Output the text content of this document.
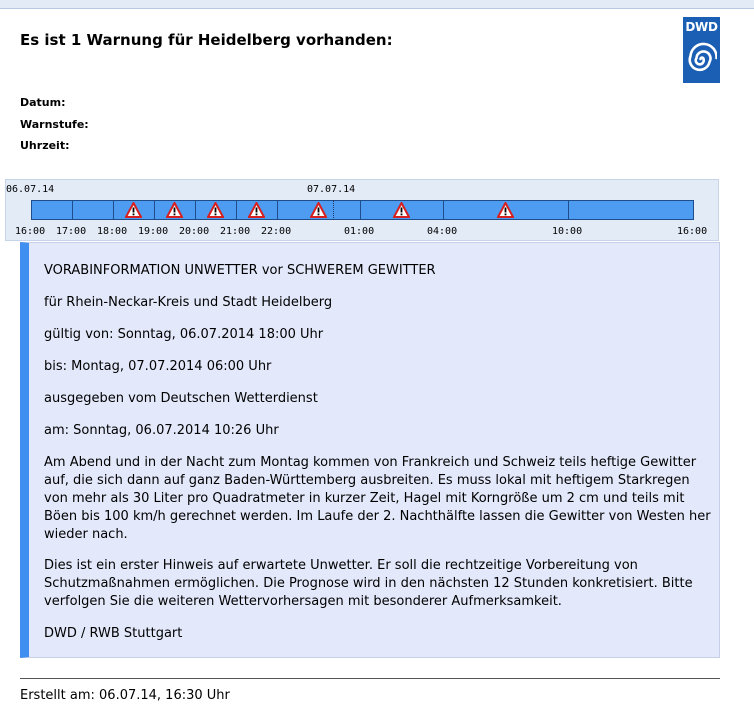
Es ist 1 Warnung für Heidelberg vorhanden:
DWD
Datum:
Warnstufe:
Uhrzeit:
06.07.14	07.07.14
16:00 17:00 18:00 19:00 20:00 21:00 22:00	01:00	04:00	10:00	16:00
VORABINFORMATION UNWETTER vor SCHWEREM GEWITTER
für Rhein-Neckar-Kreis und Stadt Heidelberg
gültig von: Sonntag, 06.07.2014 18:00 Uhr
bis: Montag, 07.07.2014 06:00 Uhr
ausgegeben vom Deutschen Wetterdienst
am: Sonntag, 06.07.2014 10:26 Uhr
Am Abend und in der Nacht zum Montag kommen von Frankreich und Schweiz teils heftige Gewitter auf, die sich dann auf ganz Baden-Württemberg ausbreiten. Es muss lokal mit heftigem Starkregen von mehr als 30 Liter pro Quadratmeter in kurzer Zeit, Hagel mit Korngröße um 2 cm und teils mit Böen bis 100 km/h gerechnet werden. Im Laufe der 2. Nachthälfte lassen die Gewitter von Westen her wieder nach.
Dies ist ein erster Hinweis auf erwartete Unwetter. Er soll die rechtzeitige Vorbereitung von Schutzmaßnahmen ermöglichen. Die Prognose wird in den nächsten 12 Stunden konkretisiert. Bitte verfolgen Sie die weiteren Wettervorhersagen mit besonderer Aufmerksamkeit.
DWD / RWB Stuttgart
Erstellt am: 06.07.14, 16:30 Uhr
